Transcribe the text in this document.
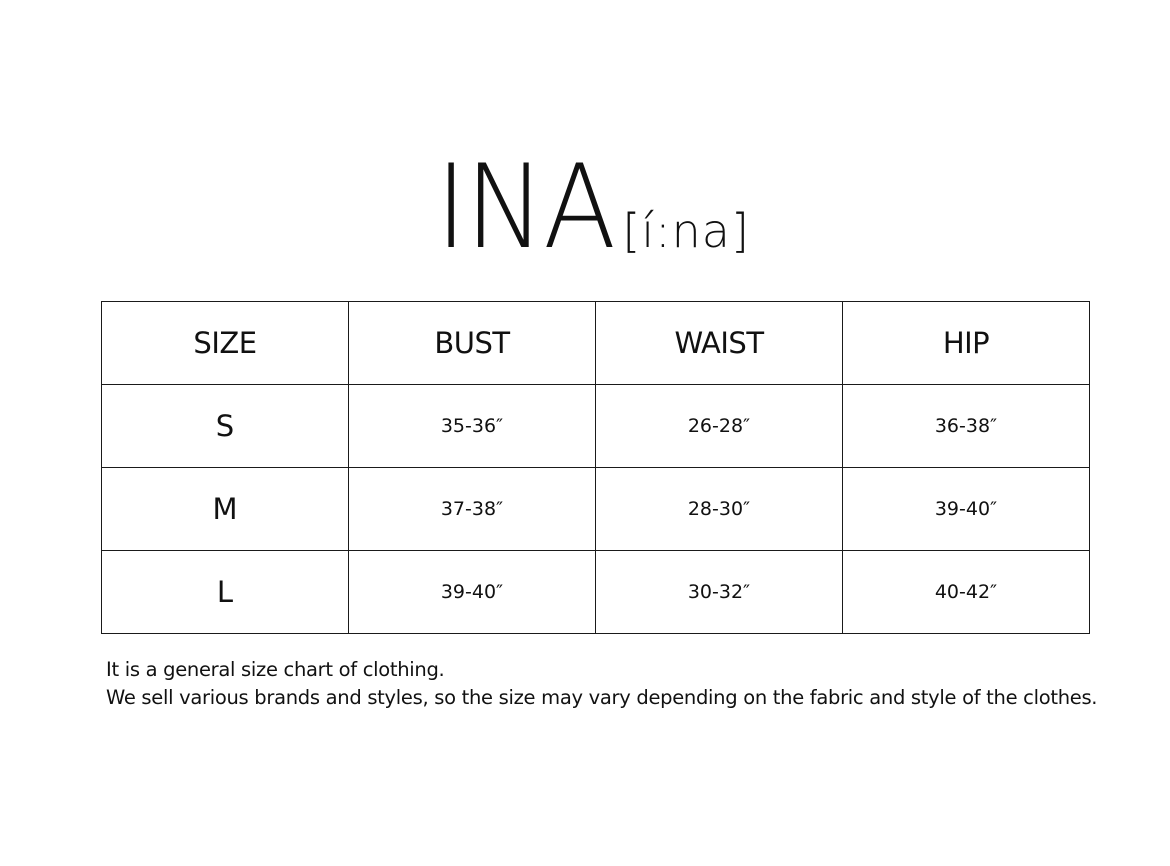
INA [í:na]
SIZE	BUST	WAIST	HIP
S	35-36″	26-28″	36-38″
M	37-38″	28-30″	39-40″
L	39-40″	30-32″	40-42″
It is a general size chart of clothing.
We sell various brands and styles, so the size may vary depending on the fabric and style of the clothes.
